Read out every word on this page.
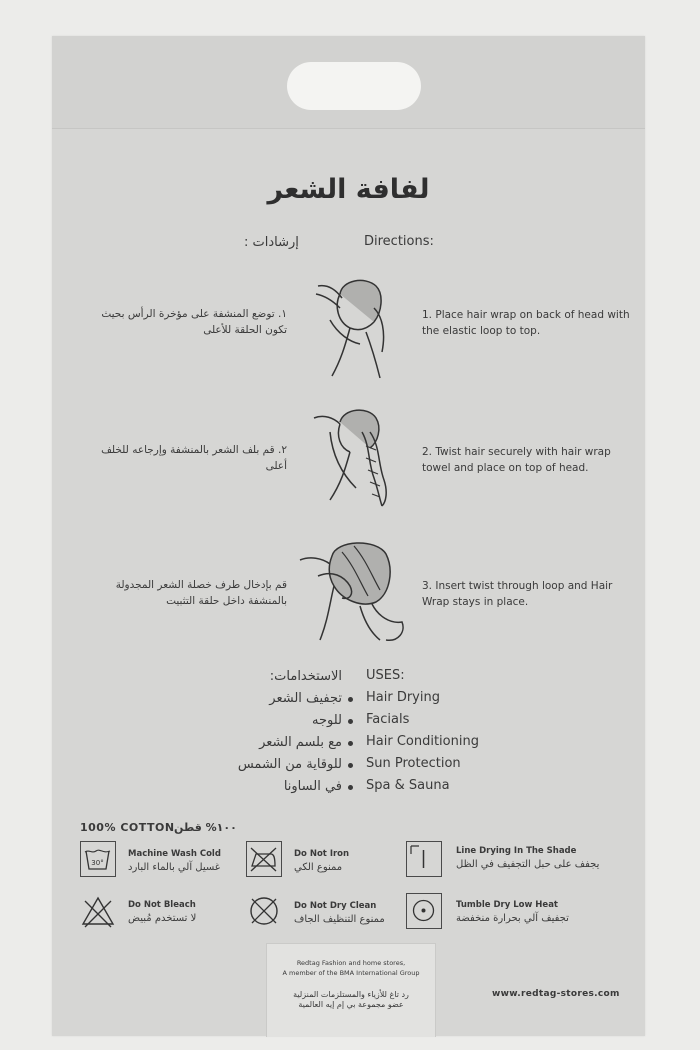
لفافة الشعر
إرشادات :	Directions:
١. توضع المنشفة على مؤخرة الرأس بحيث تكون الحلقة للأعلى
1. Place hair wrap on back of head with the elastic loop to top.
٢. قم بلف الشعر بالمنشفة وإرجاعه للخلف أعلى
2. Twist hair securely with hair wrap towel and place on top of head.
قم بإدخال طرف خصلة الشعر المجدولة بالمنشفة داخل حلقة التثبيت
3. Insert twist through loop and Hair Wrap stays in place.
الاستخدامات: USES:
تجفيف الشعر Hair Drying
للوجه Facials
مع بلسم الشعر Hair Conditioning
للوقاية من الشمس Sun Protection
في الساونا Spa & Sauna
100% COTTON ١٠٠% قطن
30°
Machine Wash Cold
غسيل آلي بالماء البارد
Do Not Iron
ممنوع الكي
Line Drying In The Shade
يجفف على حبل التجفيف في الظل
Do Not Bleach
لا تستخدم مُبيض
Do Not Dry Clean
ممنوع التنظيف الجاف
Tumble Dry Low Heat
تجفيف آلي بحرارة منخفضة
Redtag Fashion and home stores,
A member of the BMA International Group
رد تاغ للأزياء والمستلزمات المنزلية
عضو مجموعة بي إم إيه العالمية
www.redtag-stores.com
